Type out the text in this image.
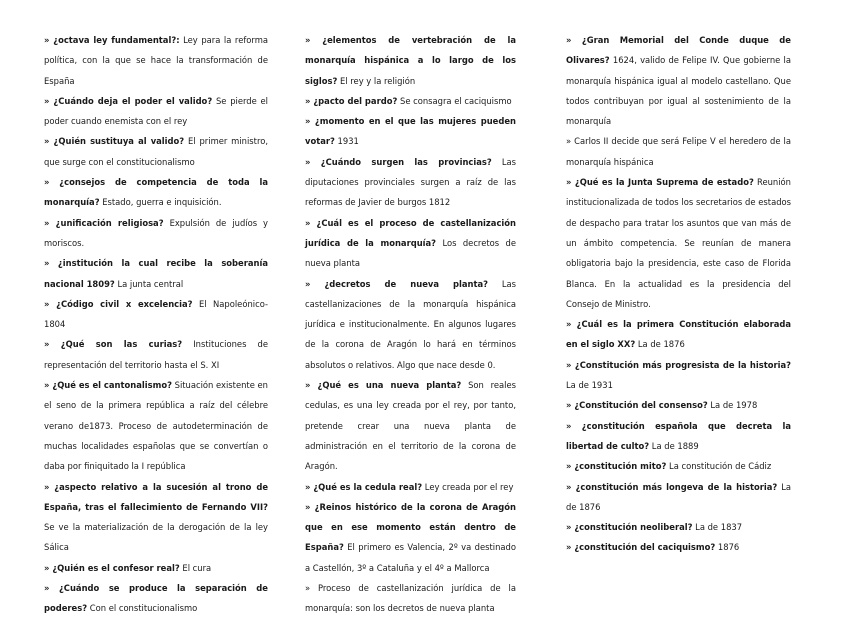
» ¿octava ley fundamental?: Ley para la reforma política, con la que se hace la transformación de España

» ¿Cuándo deja el poder el valido? Se pierde el poder cuando enemista con el rey

» ¿Quién sustituya al valido? El primer ministro, que surge con el constitucionalismo

» ¿consejos de competencia de toda la monarquía? Estado, guerra e inquisición.

» ¿unificación religiosa? Expulsión de judíos y moriscos.

» ¿institución la cual recibe la soberanía nacional 1809? La junta central

» ¿Código civil x excelencia? El Napoleónico- 1804

» ¿Qué son las curias? Instituciones de representación del territorio hasta el S. XI

» ¿Qué es el cantonalismo? Situación existente en el seno de la primera república a raíz del célebre verano de1873. Proceso de autodeterminación de muchas localidades españolas que se convertían o daba por finiquitado la I república

» ¿aspecto relativo a la sucesión al trono de España, tras el fallecimiento de Fernando VII?Se ve la materialización de la derogación de la ley Sálica

» ¿Quién es el confesor real? El cura

» ¿Cuándo se produce la separación de poderes? Con el constitucionalismo

» ¿elementos de vertebración de la monarquía hispánica a lo largo de los siglos? El rey y la religión

» ¿pacto del pardo? Se consagra el caciquismo

» ¿momento en el que las mujeres pueden votar? 1931

» ¿Cuándo surgen las provincias? Las diputaciones provinciales surgen a raíz de las reformas de Javier de burgos 1812

» ¿Cuál es el proceso de castellanización jurídica de la monarquía? Los decretos de nueva planta

» ¿decretos de nueva planta? Las castellanizaciones de la monarquía hispánica jurídica e institucionalmente. En algunos lugares de la corona de Aragón lo hará en términos absolutos o relativos. Algo que nace desde 0.

» ¿Qué es una nueva planta? Son reales cedulas, es una ley creada por el rey, por tanto, pretende crear una nueva planta de administración en el territorio de la corona de Aragón.

» ¿Qué es la cedula real? Ley creada por el rey

» ¿Reinos histórico de la corona de Aragón que en ese momento están dentro de España? El primero es Valencia, 2º va destinado a Castellón, 3º a Cataluña y el 4º a Mallorca

» Proceso de castellanización jurídica de la monarquía: son los decretos de nueva planta

» ¿Gran Memorial del Conde duque de Olivares? 1624, valido de Felipe IV. Que gobierne la monarquía hispánica igual al modelo castellano. Que todos contribuyan por igual al sostenimiento de la monarquía

» Carlos II decide que será Felipe V el heredero de la monarquía hispánica

» ¿Qué es la Junta Suprema de estado? Reunión institucionalizada de todos los secretarios de estados de despacho para tratar los asuntos que van más de un ámbito competencia. Se reunían de manera obligatoria bajo la presidencia, este caso de Florida Blanca. En la actualidad es la presidencia del Consejo de Ministro.

» ¿Cuál es la primera Constitución elaborada en el siglo XX? La de 1876

» ¿Constitución más progresista de la historia?La de 1931

» ¿Constitución del consenso? La de 1978

» ¿constitución española que decreta la libertad de culto? La de 1889

» ¿constitución mito? La constitución de Cádiz

» ¿constitución más longeva de la historia? La de 1876

» ¿constitución neoliberal? La de 1837

» ¿constitución del caciquismo? 1876
